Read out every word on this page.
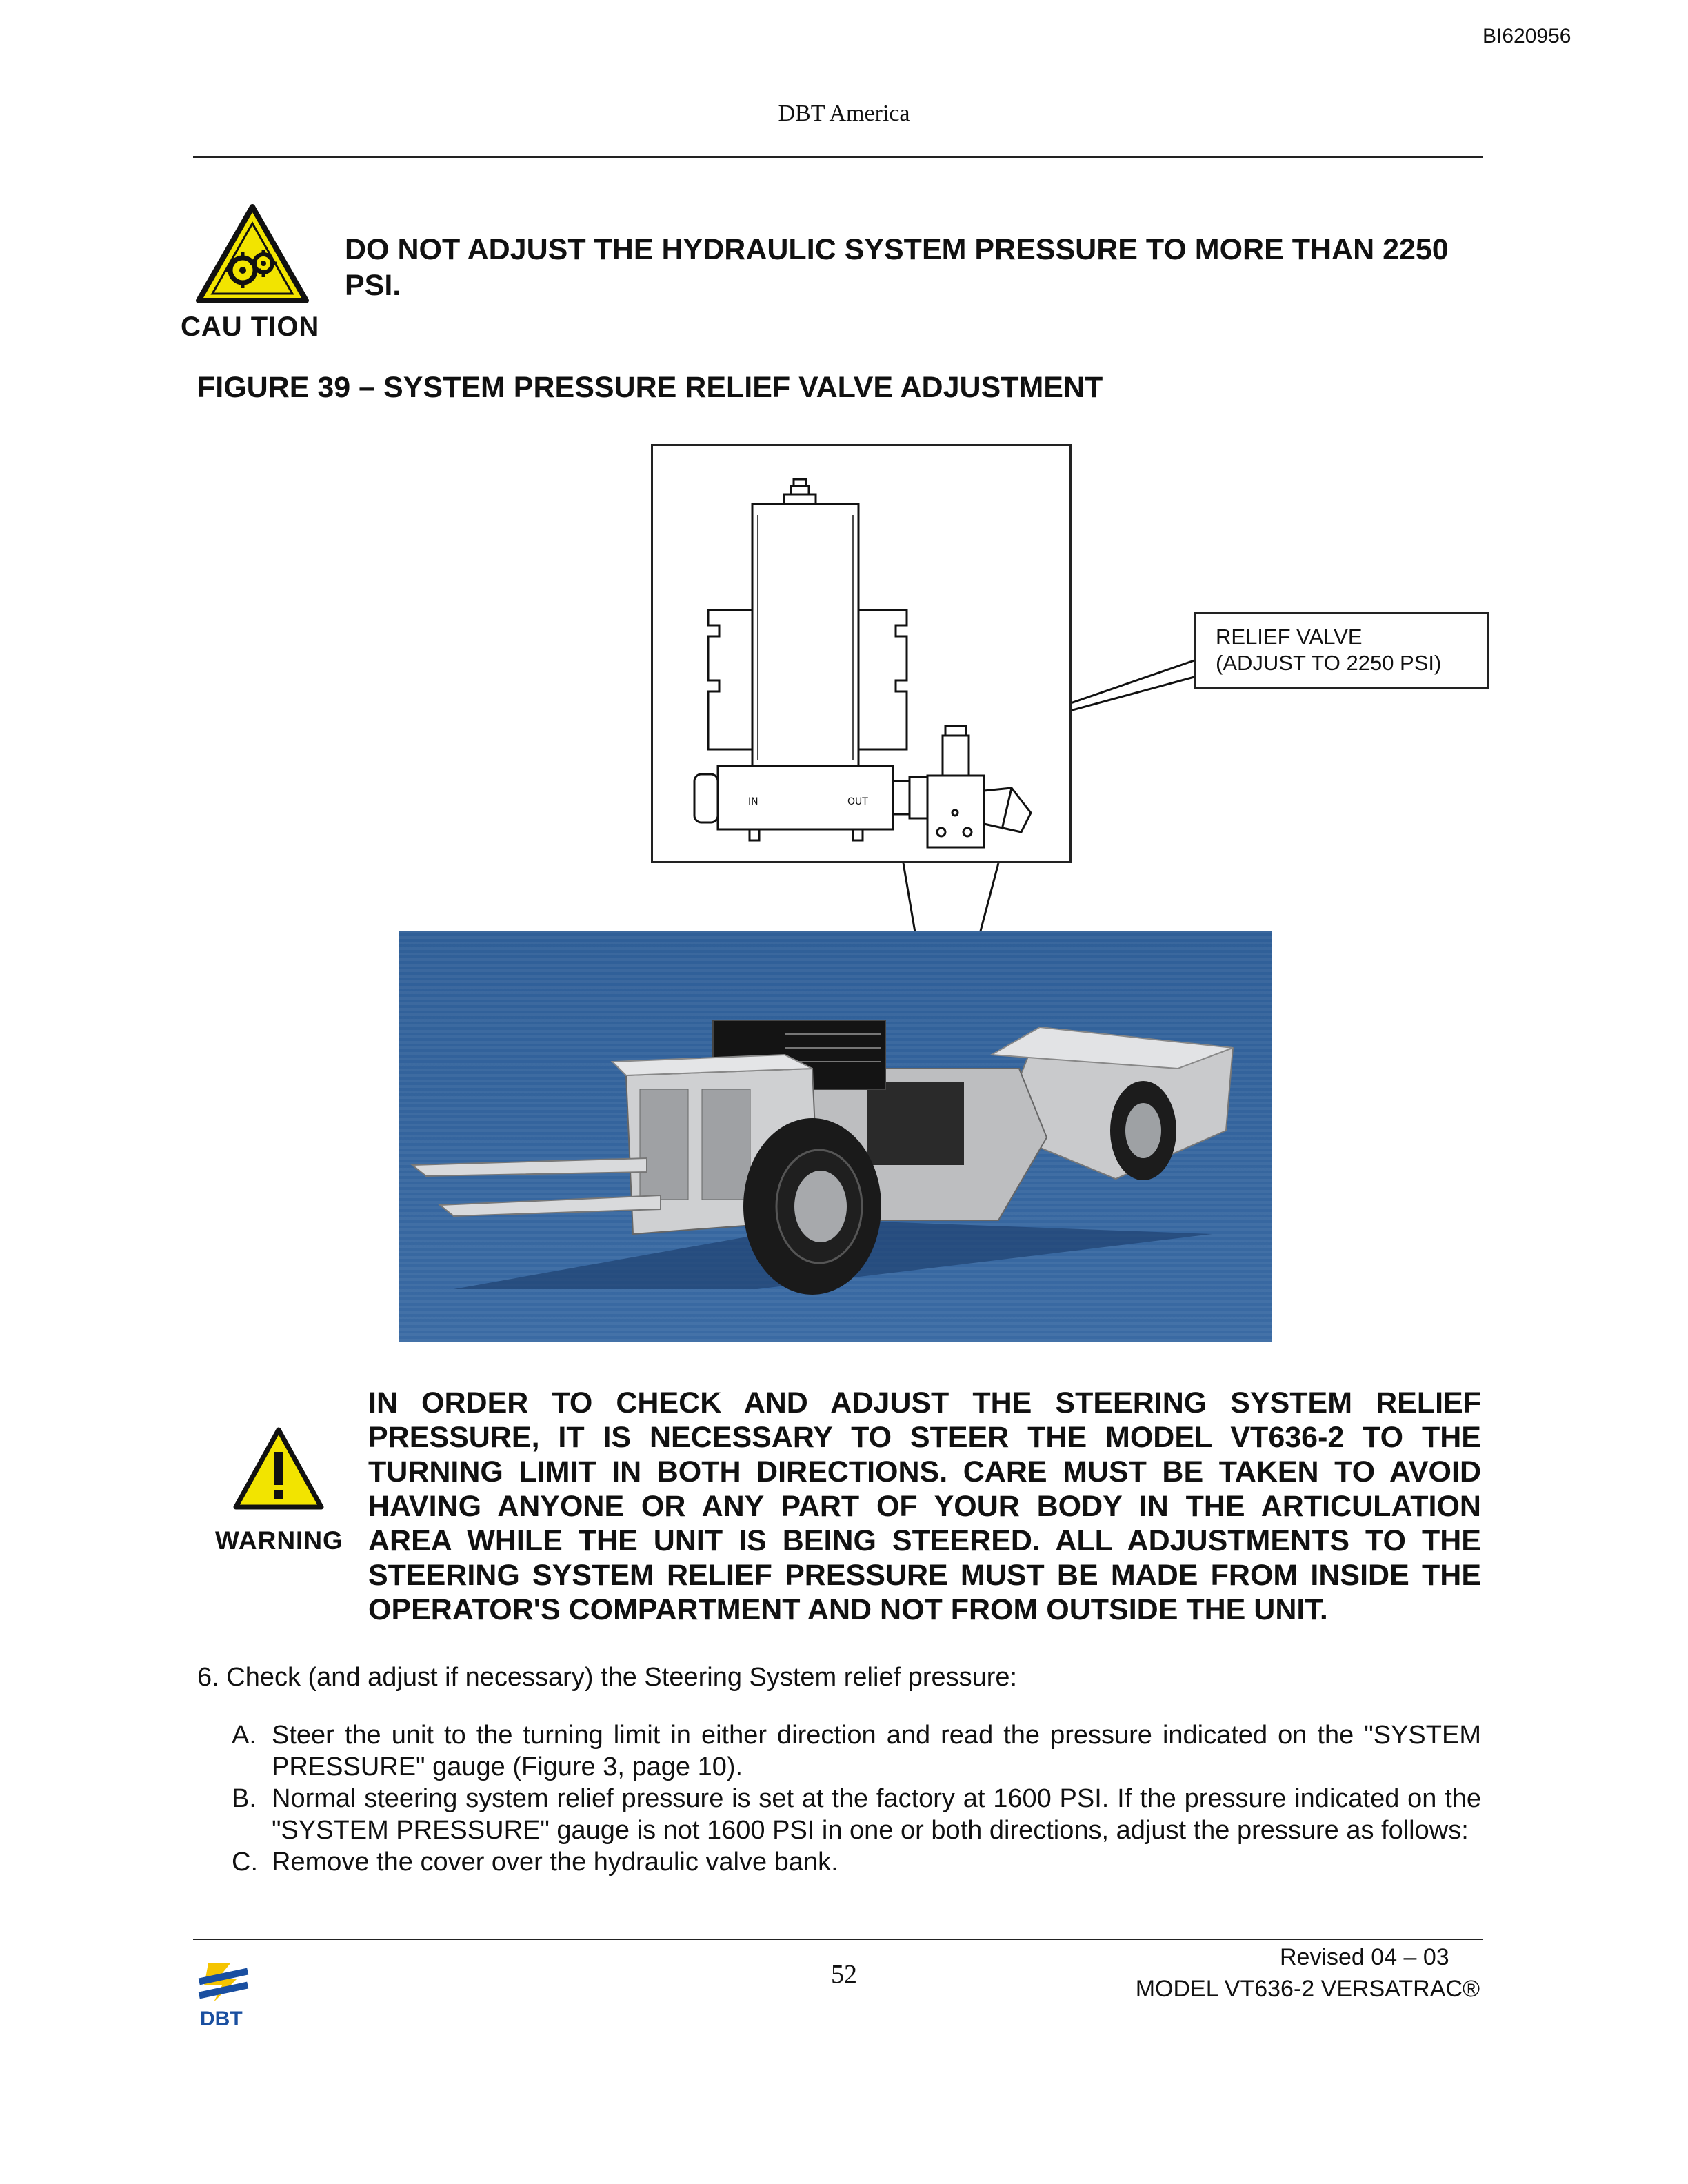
BI620956
DBT America
CAU TION
DO NOT ADJUST THE HYDRAULIC SYSTEM PRESSURE TO MORE THAN 2250 PSI.
FIGURE 39 – SYSTEM PRESSURE RELIEF VALVE ADJUSTMENT
IN	OUT
RELIEF VALVE
(ADJUST TO 2250 PSI)
WARNING
IN ORDER TO CHECK AND ADJUST THE STEERING SYSTEM RELIEF PRESSURE, IT IS NECESSARY TO STEER THE MODEL VT636-2 TO THE TURNING LIMIT IN BOTH DIRECTIONS. CARE MUST BE TAKEN TO AVOID HAVING ANYONE OR ANY PART OF YOUR BODY IN THE ARTICULATION AREA WHILE THE UNIT IS BEING STEERED. ALL ADJUSTMENTS TO THE STEERING SYSTEM RELIEF PRESSURE MUST BE MADE FROM INSIDE THE OPERATOR'S COMPARTMENT AND NOT FROM OUTSIDE THE UNIT.
6. Check (and adjust if necessary) the Steering System relief pressure:
A. Steer the unit to the turning limit in either direction and read the pressure indicated on the "SYSTEM PRESSURE" gauge (Figure 3, page 10).
B. Normal steering system relief pressure is set at the factory at 1600 PSI. If the pressure indicated on the "SYSTEM PRESSURE" gauge is not 1600 PSI in one or both directions, adjust the pressure as follows:
C. Remove the cover over the hydraulic valve bank.
DBT
52
Revised 04 – 03
MODEL VT636-2 VERSATRAC®
